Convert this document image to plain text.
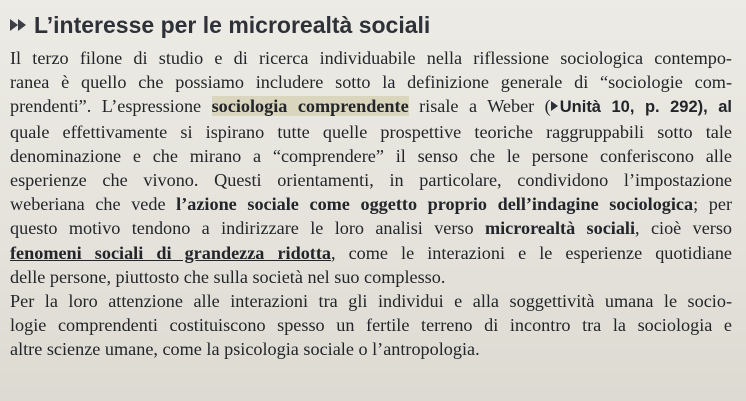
L’interesse per le microrealtà sociali
Il terzo filone di studio e di ricerca individuabile nella riflessione sociologica contempo-
ranea è quello che possiamo includere sotto la definizione generale di “sociologie com-
prendenti”. L’espressione sociologia comprendente risale a Weber ( Unità 10, p. 292), al
quale effettivamente si ispirano tutte quelle prospettive teoriche raggruppabili sotto tale
denominazione e che mirano a “comprendere” il senso che le persone conferiscono alle
esperienze che vivono. Questi orientamenti, in particolare, condividono l’impostazione
weberiana che vede l’azione sociale come oggetto proprio dell’indagine sociologica; per
questo motivo tendono a indirizzare le loro analisi verso microrealtà sociali, cioè verso
fenomeni sociali di grandezza ridotta, come le interazioni e le esperienze quotidiane
delle persone, piuttosto che sulla società nel suo complesso.
Per la loro attenzione alle interazioni tra gli individui e alla soggettività umana le socio-
logie comprendenti costituiscono spesso un fertile terreno di incontro tra la sociologia e
altre scienze umane, come la psicologia sociale o l’antropologia.
